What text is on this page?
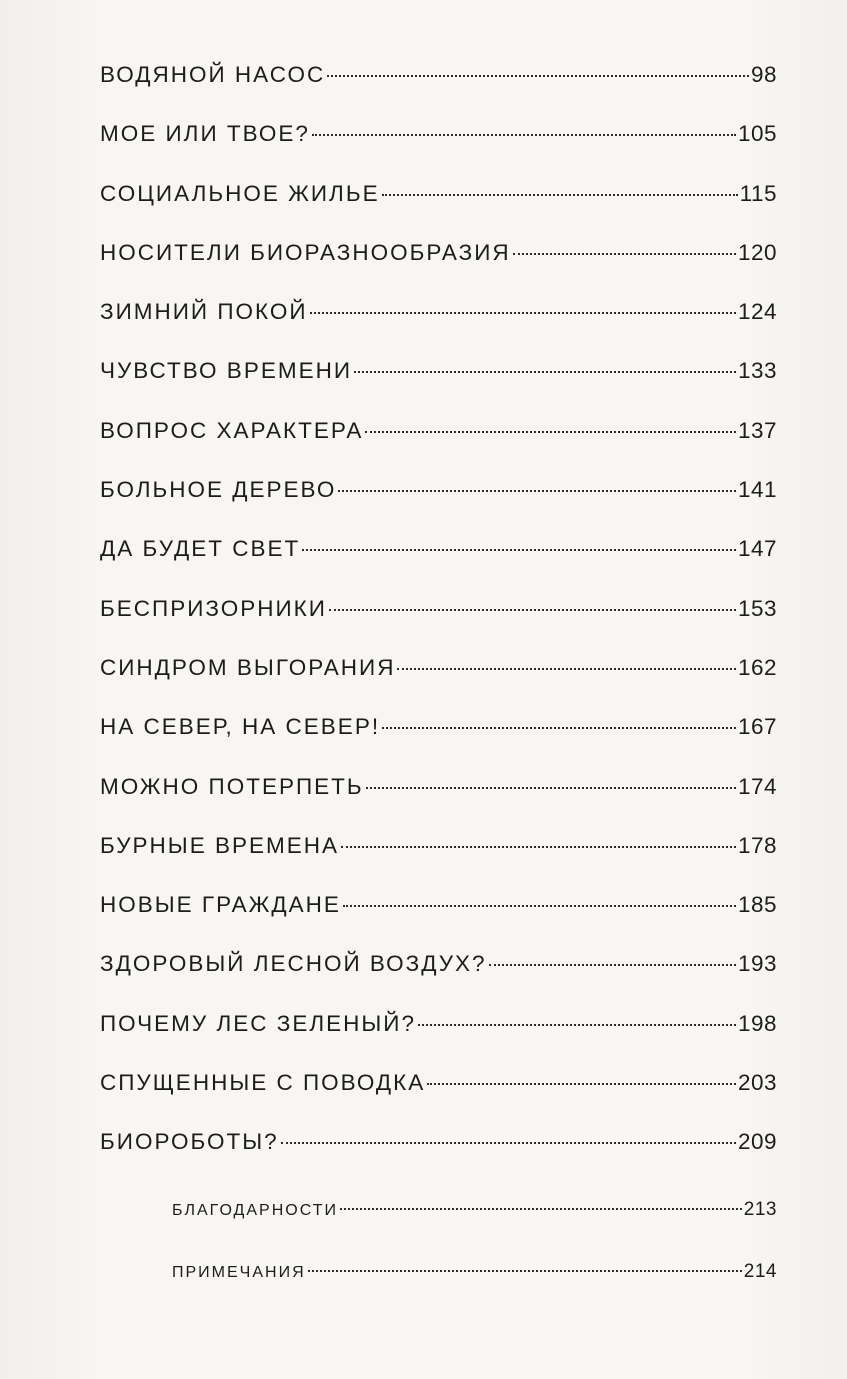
ВОДЯНОЙ НАСОС	98
МОЕ ИЛИ ТВОЕ?	105
СОЦИАЛЬНОЕ ЖИЛЬЕ	115
НОСИТЕЛИ БИОРАЗНООБРАЗИЯ	120
ЗИМНИЙ ПОКОЙ	124
ЧУВСТВО ВРЕМЕНИ	133
ВОПРОС ХАРАКТЕРА	137
БОЛЬНОЕ ДЕРЕВО	141
ДА БУДЕТ СВЕТ	147
БЕСПРИЗОРНИКИ	153
СИНДРОМ ВЫГОРАНИЯ	162
НА СЕВЕР, НА СЕВЕР!	167
МОЖНО ПОТЕРПЕТЬ	174
БУРНЫЕ ВРЕМЕНА	178
НОВЫЕ ГРАЖДАНЕ	185
ЗДОРОВЫЙ ЛЕСНОЙ ВОЗДУХ?	193
ПОЧЕМУ ЛЕС ЗЕЛЕНЫЙ?	198
СПУЩЕННЫЕ С ПОВОДКА	203
БИОРОБОТЫ?	209
БЛАГОДАРНОСТИ	213
ПРИМЕЧАНИЯ	214
